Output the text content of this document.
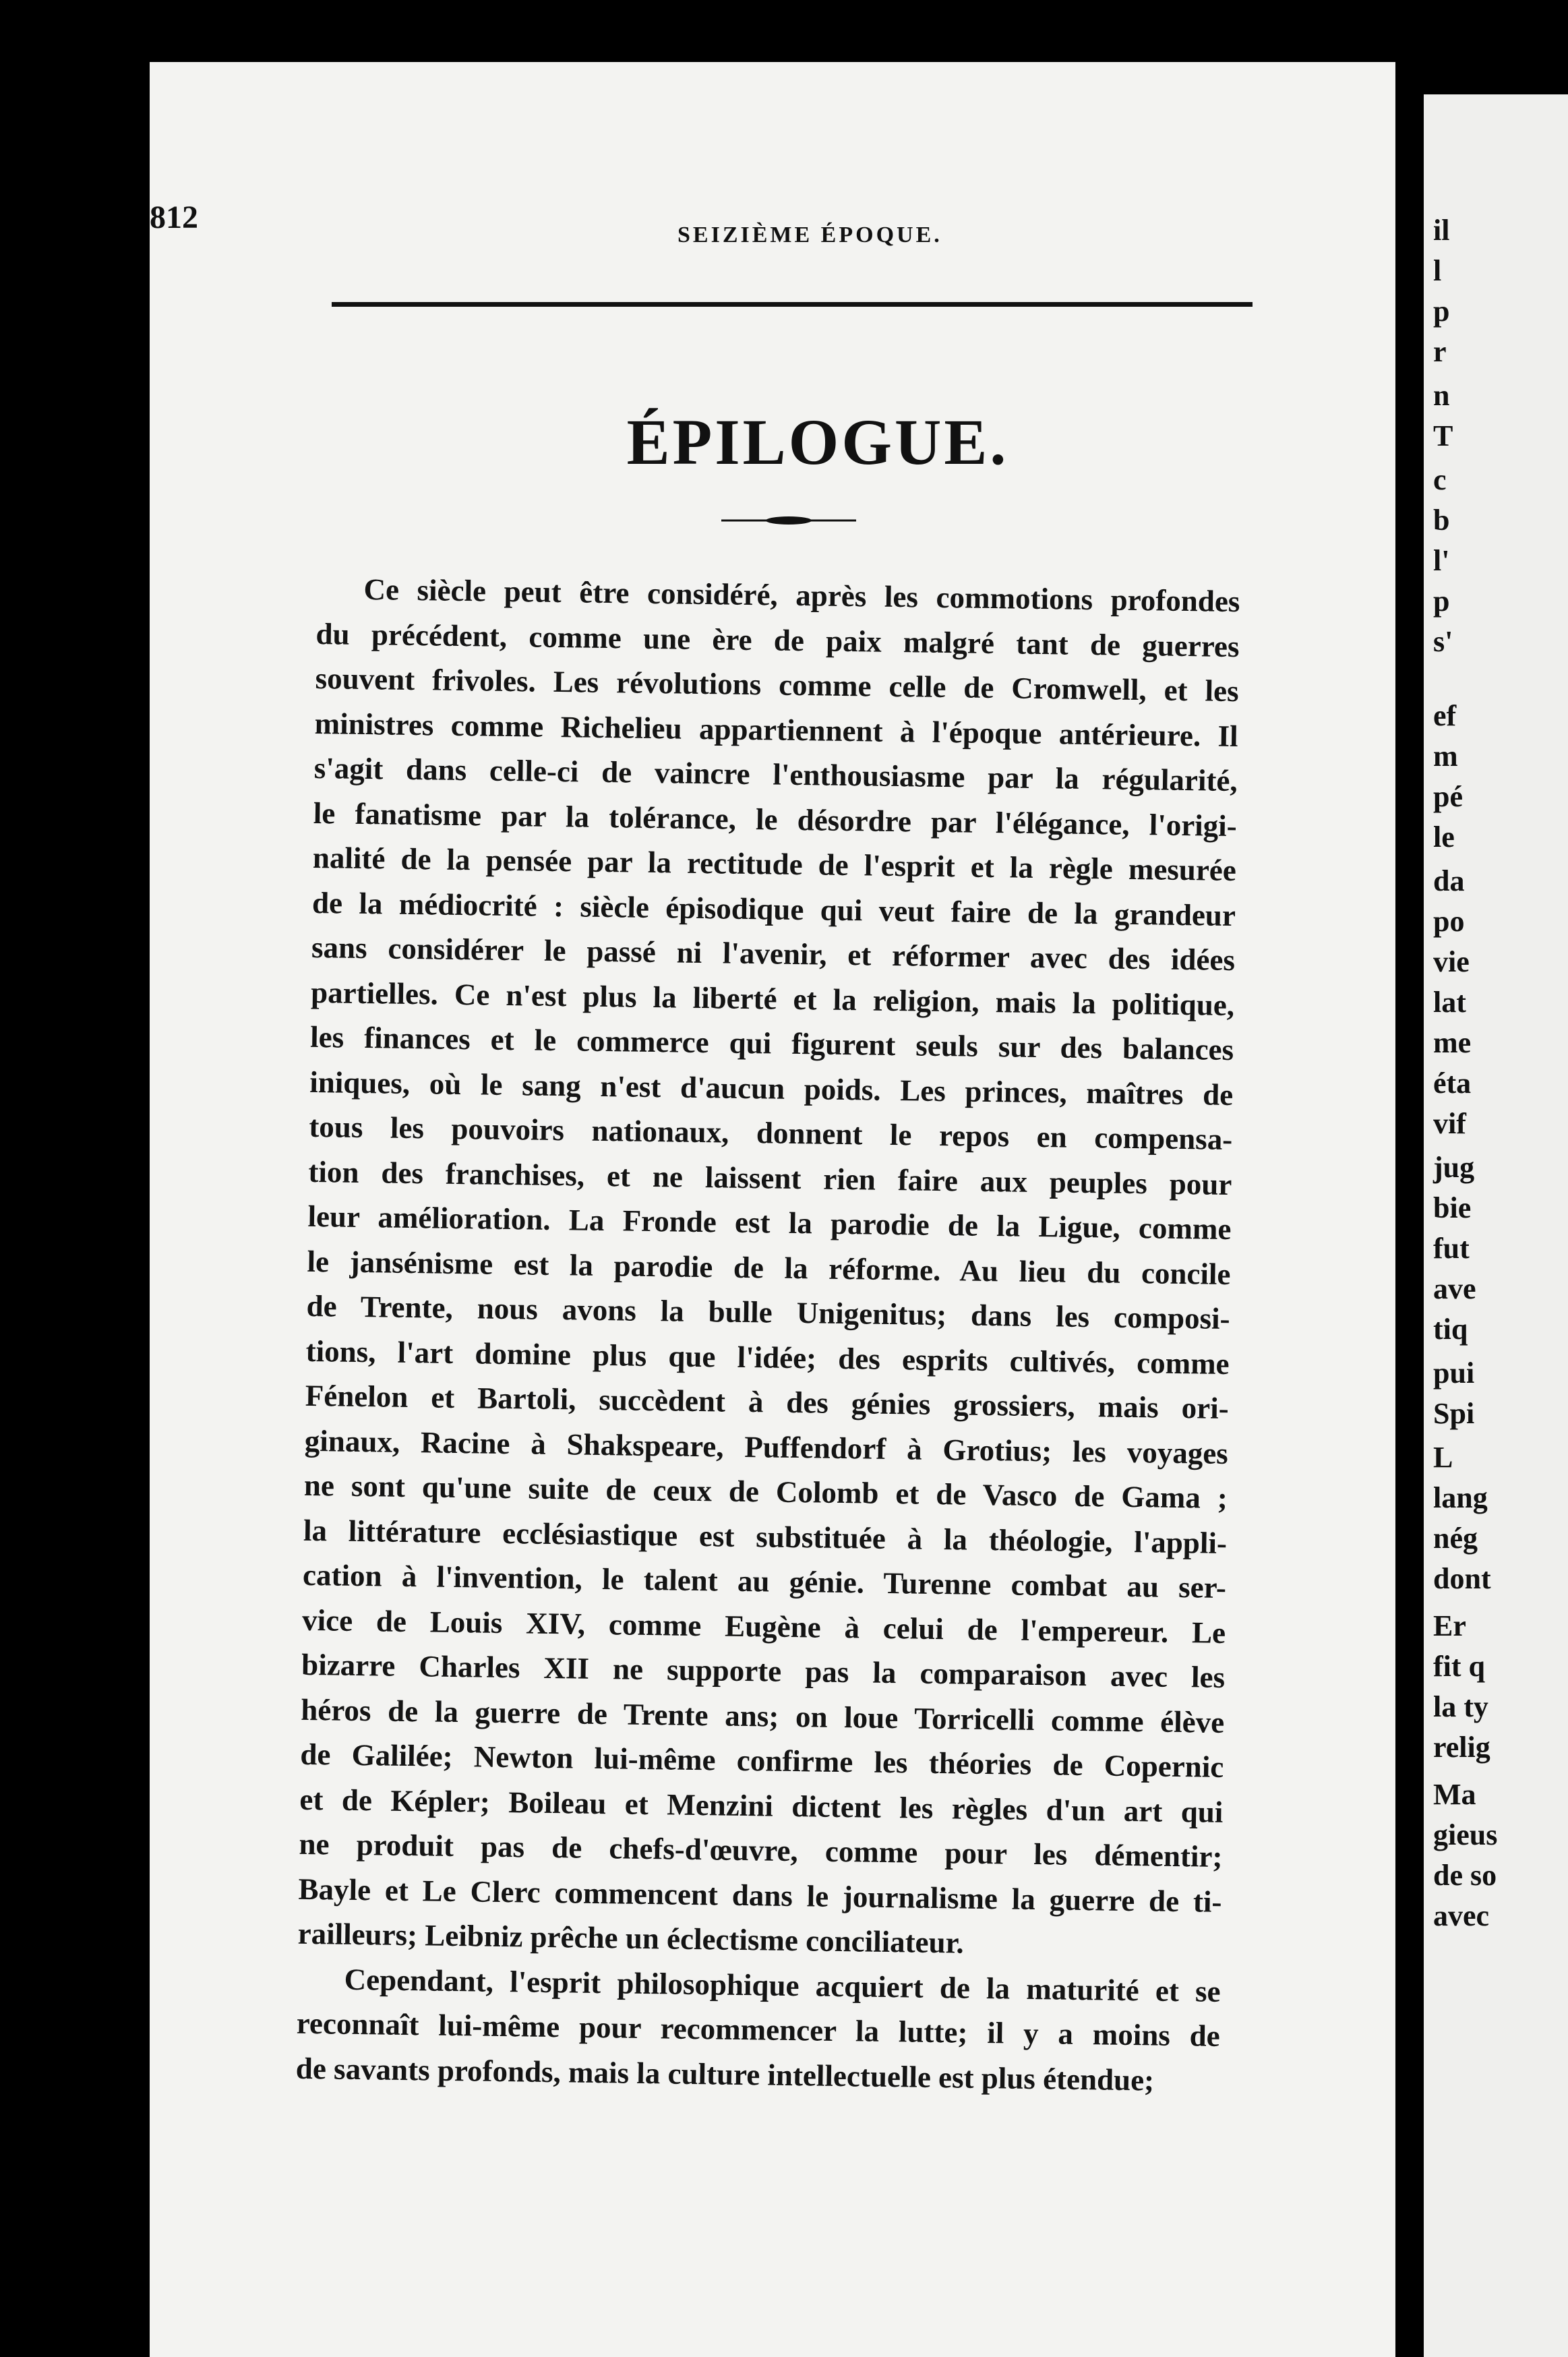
il
l
p
r
n
T
c
b
l'
p
s'
ef
m
pé
le
da
po
vie
lat
me
éta
vif
jug
bie
fut
ave
tiq
pui
Spi
L
lang
nég
dont
Er
fit q
la ty
relig
Ma
gieus
de so
avec
812	SEIZIÈME ÉPOQUE.
ÉPILOGUE.

Ce siècle peut être considéré, après les commotions profondes
du précédent, comme une ère de paix malgré tant de guerres
souvent frivoles. Les révolutions comme celle de Cromwell, et les
ministres comme Richelieu appartiennent à l'époque antérieure. Il
s'agit dans celle-ci de vaincre l'enthousiasme par la régularité,
le fanatisme par la tolérance, le désordre par l'élégance, l'origi-
nalité de la pensée par la rectitude de l'esprit et la règle mesurée
de la médiocrité : siècle épisodique qui veut faire de la grandeur
sans considérer le passé ni l'avenir, et réformer avec des idées
partielles. Ce n'est plus la liberté et la religion, mais la politique,
les finances et le commerce qui figurent seuls sur des balances
iniques, où le sang n'est d'aucun poids. Les princes, maîtres de
tous les pouvoirs nationaux, donnent le repos en compensa-
tion des franchises, et ne laissent rien faire aux peuples pour
leur amélioration. La Fronde est la parodie de la Ligue, comme
le jansénisme est la parodie de la réforme. Au lieu du concile
de Trente, nous avons la bulle Unigenitus; dans les composi-
tions, l'art domine plus que l'idée; des esprits cultivés, comme
Fénelon et Bartoli, succèdent à des génies grossiers, mais ori-
ginaux, Racine à Shakspeare, Puffendorf à Grotius; les voyages
ne sont qu'une suite de ceux de Colomb et de Vasco de Gama ;
la littérature ecclésiastique est substituée à la théologie, l'appli-
cation à l'invention, le talent au génie. Turenne combat au ser-
vice de Louis XIV, comme Eugène à celui de l'empereur. Le
bizarre Charles XII ne supporte pas la comparaison avec les
héros de la guerre de Trente ans; on loue Torricelli comme élève
de Galilée; Newton lui-même confirme les théories de Copernic
et de Képler; Boileau et Menzini dictent les règles d'un art qui
ne produit pas de chefs-d'œuvre, comme pour les démentir;
Bayle et Le Clerc commencent dans le journalisme la guerre de ti-
railleurs; Leibniz prêche un éclectisme conciliateur.

Cependant, l'esprit philosophique acquiert de la maturité et se
reconnaît lui-même pour recommencer la lutte; il y a moins de
de savants profonds, mais la culture intellectuelle est plus étendue;
